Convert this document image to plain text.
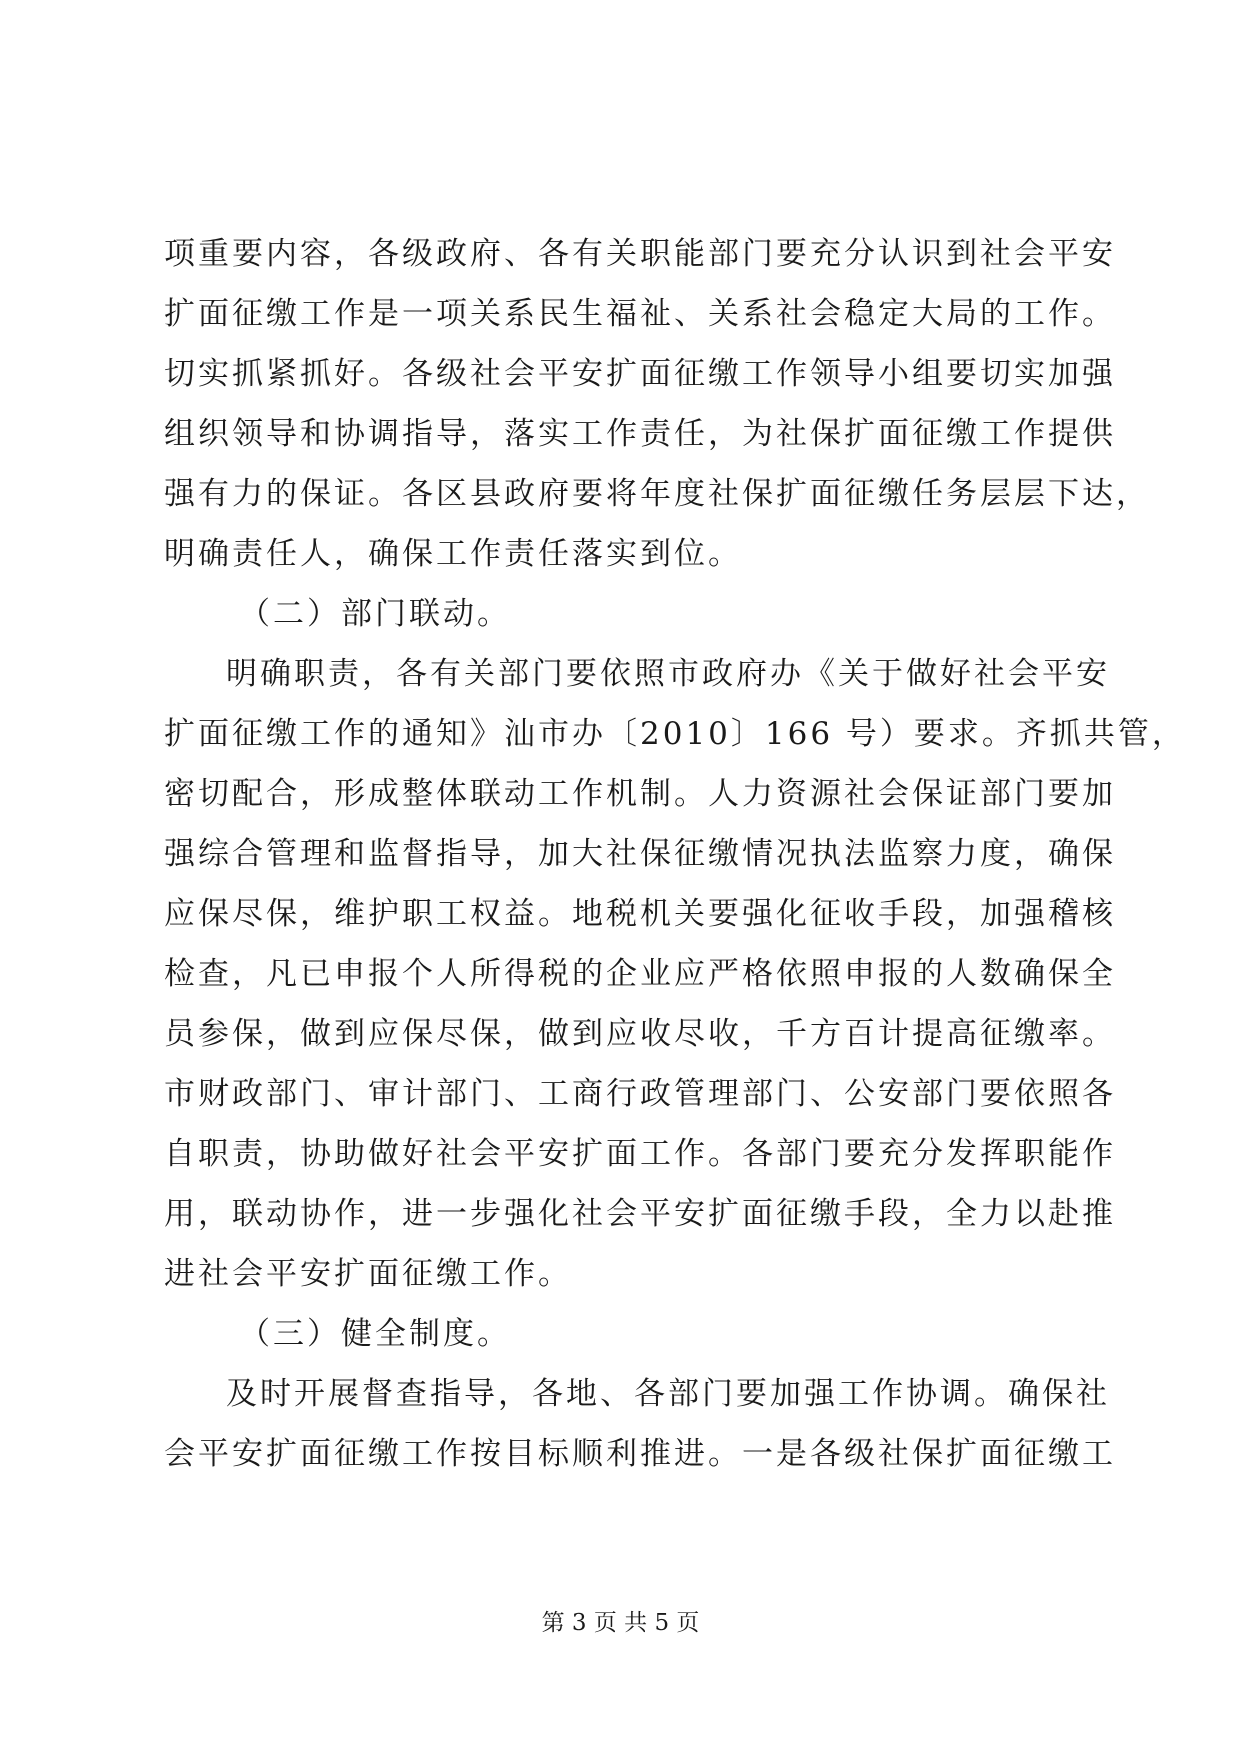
项重要内容，各级政府、各有关职能部门要充分认识到社会平安
扩面征缴工作是一项关系民生福祉、关系社会稳定大局的工作。
切实抓紧抓好。各级社会平安扩面征缴工作领导小组要切实加强
组织领导和协调指导，落实工作责任，为社保扩面征缴工作提供
强有力的保证。各区县政府要将年度社保扩面征缴任务层层下达，
明确责任人，确保工作责任落实到位。
（二）部门联动。
明确职责，各有关部门要依照市政府办《关于做好社会平安
扩面征缴工作的通知》汕市办〔2010〕166 号）要求。齐抓共管，
密切配合，形成整体联动工作机制。人力资源社会保证部门要加
强综合管理和监督指导，加大社保征缴情况执法监察力度，确保
应保尽保，维护职工权益。地税机关要强化征收手段，加强稽核
检查，凡已申报个人所得税的企业应严格依照申报的人数确保全
员参保，做到应保尽保，做到应收尽收，千方百计提高征缴率。
市财政部门、审计部门、工商行政管理部门、公安部门要依照各
自职责，协助做好社会平安扩面工作。各部门要充分发挥职能作
用，联动协作，进一步强化社会平安扩面征缴手段，全力以赴推
进社会平安扩面征缴工作。
（三）健全制度。
及时开展督查指导，各地、各部门要加强工作协调。确保社
会平安扩面征缴工作按目标顺利推进。一是各级社保扩面征缴工
第 3 页 共 5 页
